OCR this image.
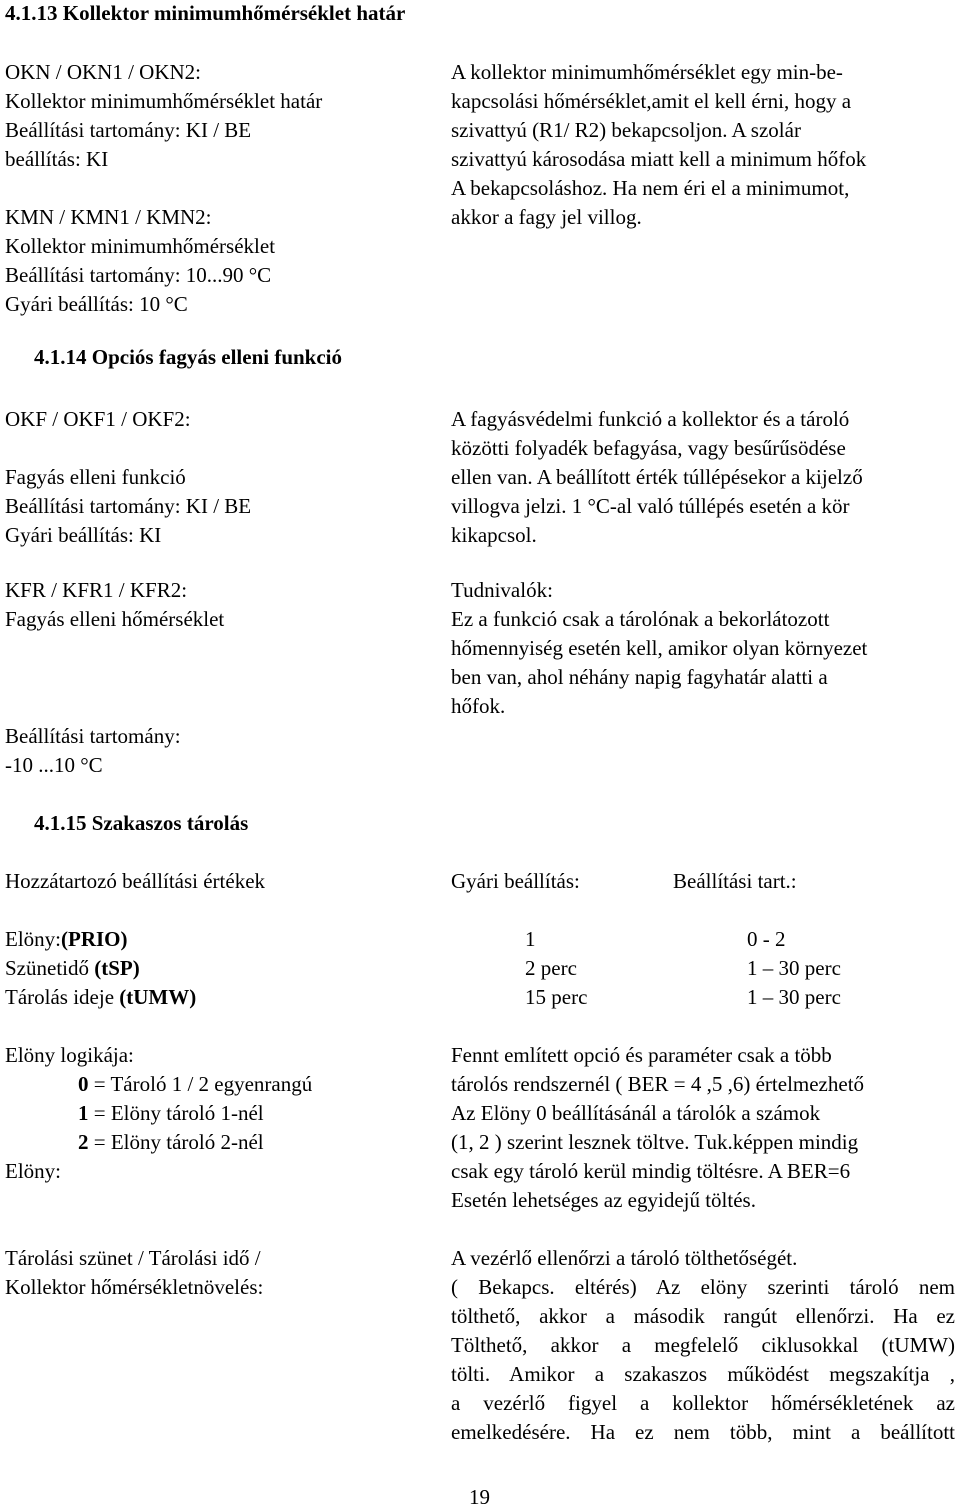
4.1.13 Kollektor minimumhőmérséklet határ
OKN / OKN1 / OKN2:
Kollektor minimumhőmérséklet határ
Beállítási tartomány: KI / BE
beállítás: KI
KMN / KMN1 / KMN2:
Kollektor minimumhőmérséklet
Beállítási tartomány: 10...90 °C
Gyári beállítás: 10 °C
A kollektor minimumhőmérséklet egy min-be-
kapcsolási hőmérséklet,amit el kell érni, hogy a
szivattyú (R1/ R2) bekapcsoljon. A szolár
szivattyú károsodása miatt kell a minimum hőfok
A bekapcsoláshoz. Ha nem éri el a minimumot,
akkor a fagy jel villog.
4.1.14 Opciós fagyás elleni funkció
OKF / OKF1 / OKF2:
Fagyás elleni funkció
Beállítási tartomány: KI / BE
Gyári beállítás: KI
KFR / KFR1 / KFR2:
Fagyás elleni hőmérséklet
Beállítási tartomány:
-10 ...10 °C
A fagyásvédelmi funkció a kollektor és a tároló
közötti folyadék befagyása, vagy besűrűsödése
ellen van. A beállított érték túllépésekor a kijelző
villogva jelzi. 1 °C-al való túllépés esetén a kör
kikapcsol.
Tudnivalók:
Ez a funkció csak a tárolónak a bekorlátozott
hőmennyiség esetén kell, amikor olyan környezet
ben van, ahol néhány napig fagyhatár alatti a
hőfok.
4.1.15 Szakaszos tárolás
Hozzátartozó beállítási értékek	Gyári beállítás:	Beállítási tart.:
Elöny:(PRIO)	1	0 - 2
Szünetidő (tSP)	2 perc	1 – 30 perc
Tárolás ideje (tUMW)	15 perc	1 – 30 perc
Elöny logikája:
0 = Tároló 1 / 2 egyenrangú
1 = Elöny tároló 1-nél
2 = Elöny tároló 2-nél
Elöny:
Fennt említett opció és paraméter csak a több
tárolós rendszernél ( BER = 4 ,5 ,6) értelmezhető
Az Elöny 0 beállításánál a tárolók a számok
(1, 2 ) szerint lesznek töltve. Tuk.képpen mindig
csak egy tároló kerül mindig töltésre. A BER=6
Esetén lehetséges az egyidejű töltés.
Tárolási szünet / Tárolási idő /
Kollektor hőmérsékletnövelés:
A vezérlő ellenőrzi a tároló tölthetőségét.
( Bekapcs. eltérés) Az elöny szerinti tároló nem
tölthető, akkor a második rangút ellenőrzi. Ha ez
Tölthető, akkor a megfelelő ciklusokkal (tUMW)
tölti. Amikor a szakaszos működést megszakítja ,
a vezérlő figyel a kollektor hőmérsékletének az
emelkedésére. Ha ez nem több, mint a beállított
19
